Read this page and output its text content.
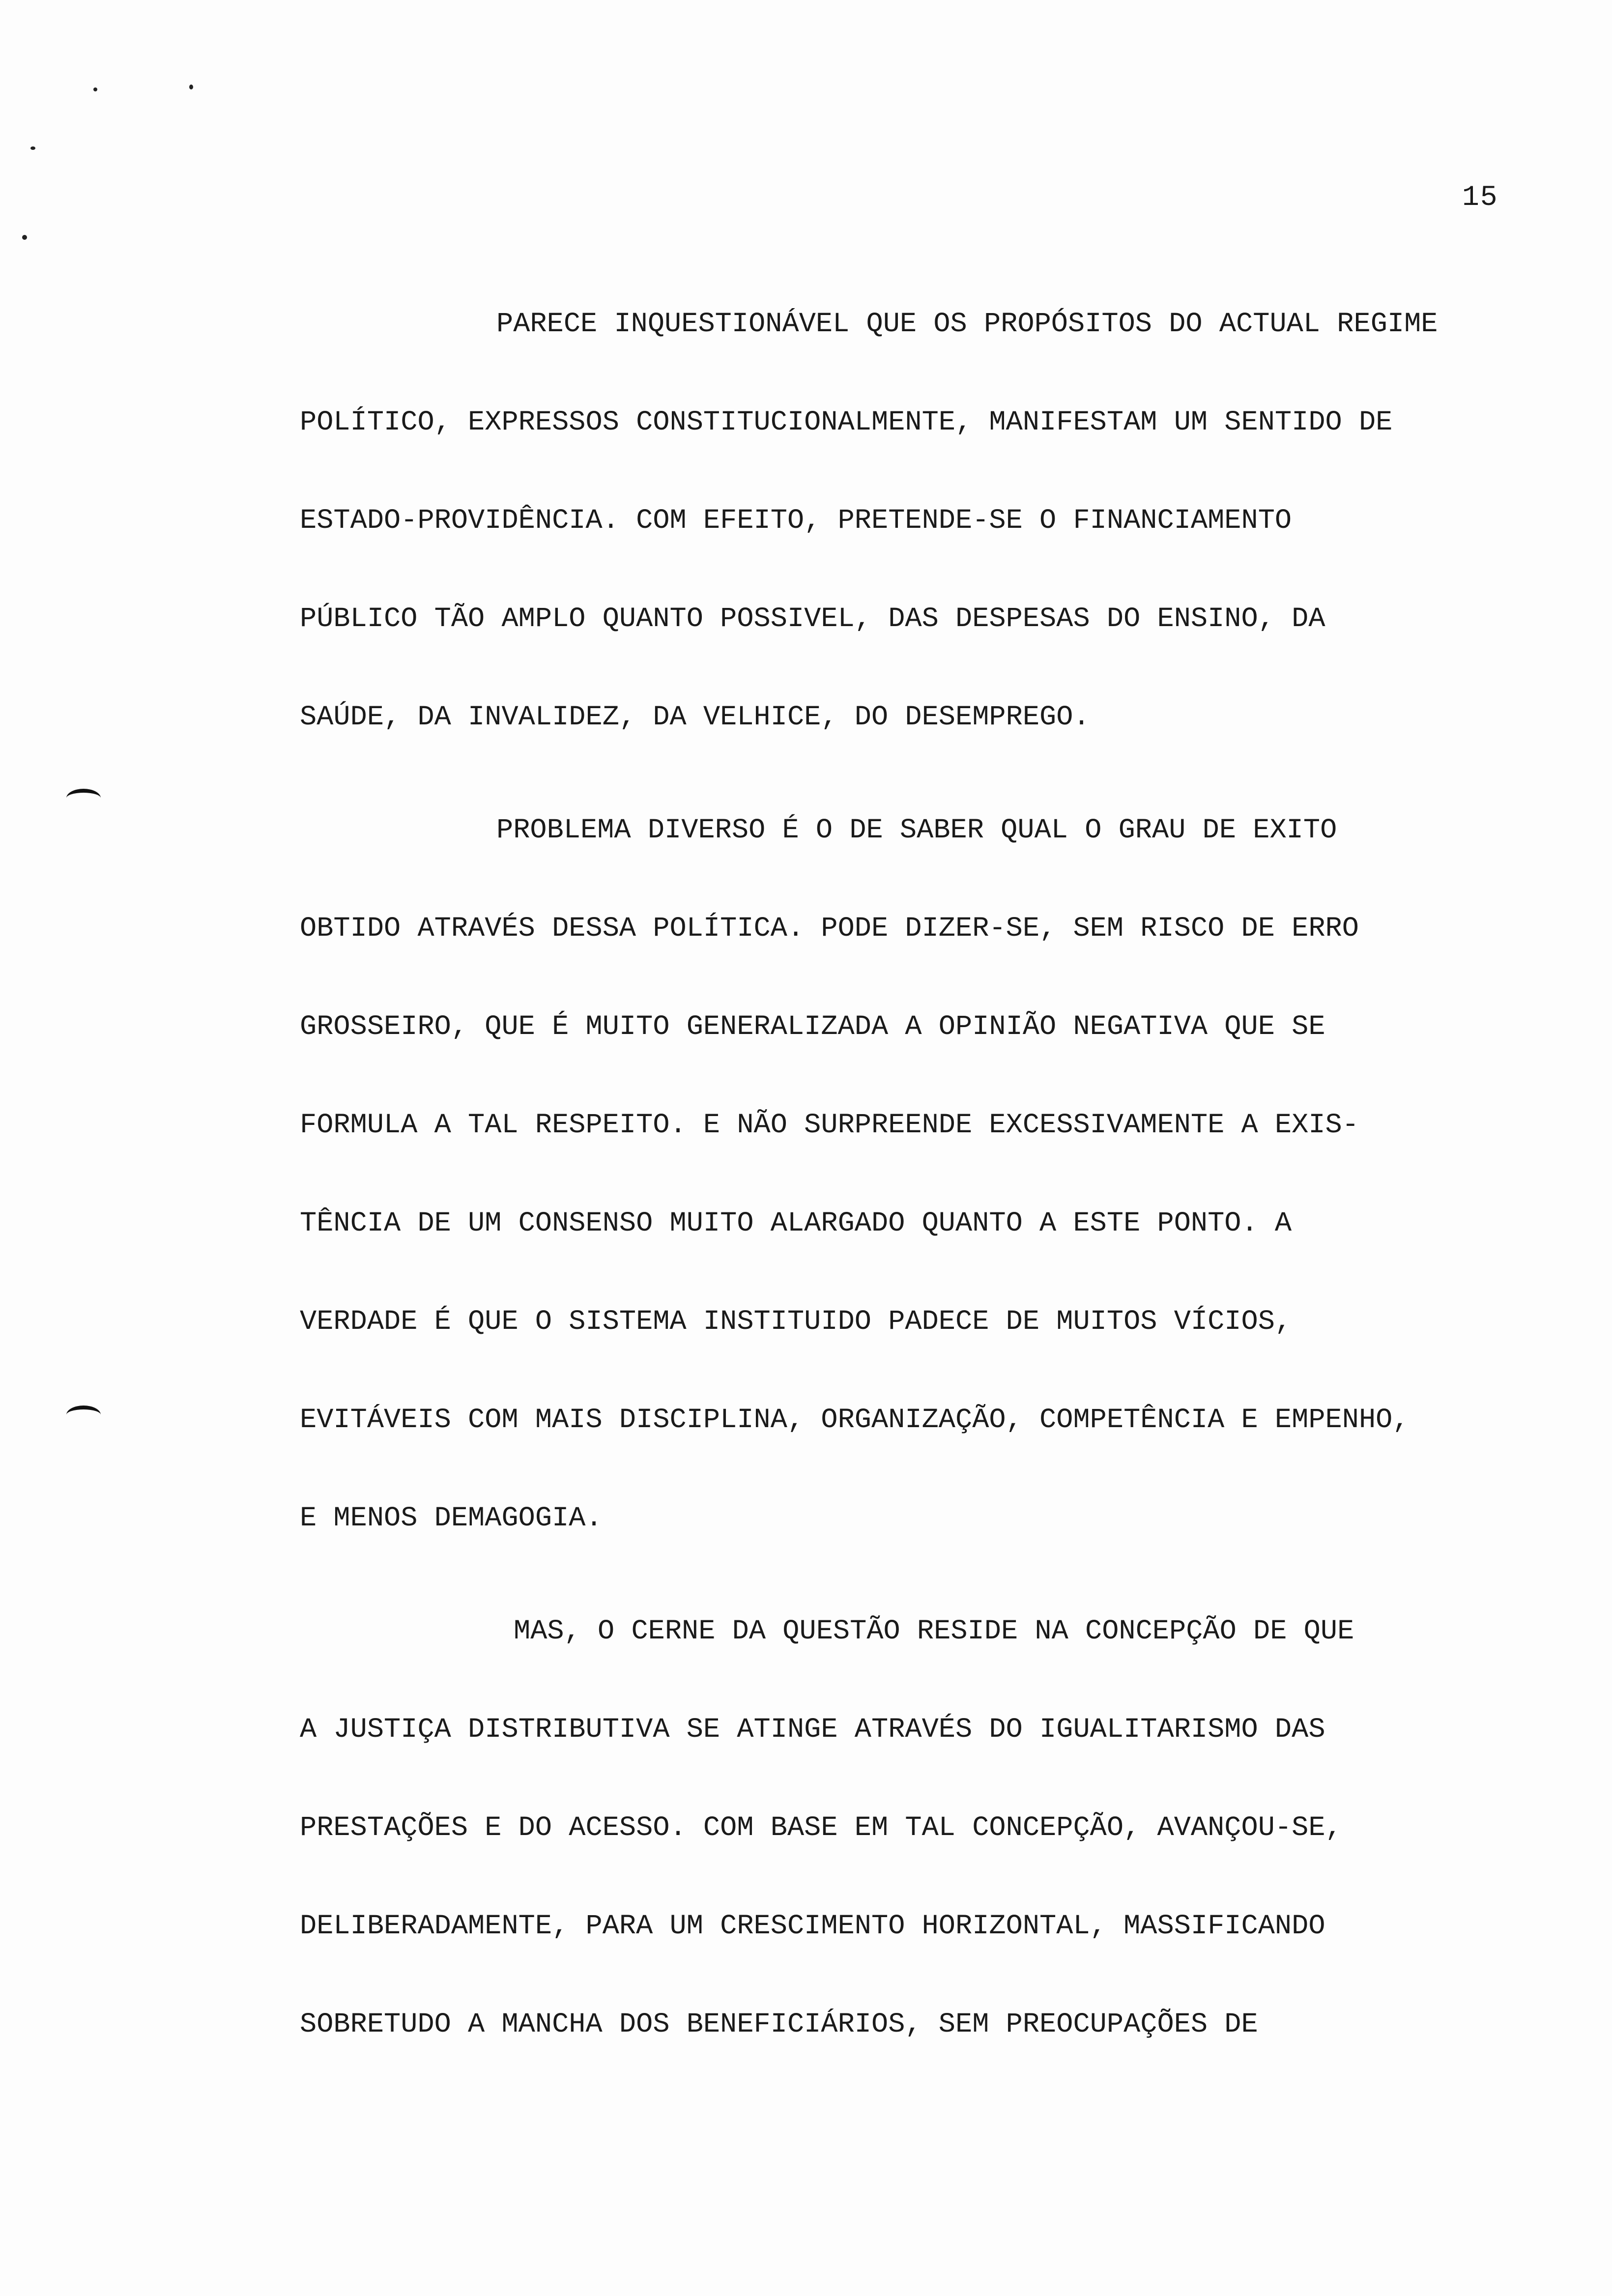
15
PARECE INQUESTIONÁVEL QUE OS PROPÓSITOS DO ACTUAL REGIME
POLÍTICO, EXPRESSOS CONSTITUCIONALMENTE, MANIFESTAM UM SENTIDO DE
ESTADO-PROVIDÊNCIA. COM EFEITO, PRETENDE-SE O FINANCIAMENTO
PÚBLICO TÃO AMPLO QUANTO POSSIVEL, DAS DESPESAS DO ENSINO, DA
SAÚDE, DA INVALIDEZ, DA VELHICE, DO DESEMPREGO.
PROBLEMA DIVERSO É O DE SABER QUAL O GRAU DE EXITO
OBTIDO ATRAVÉS DESSA POLÍTICA. PODE DIZER-SE, SEM RISCO DE ERRO
GROSSEIRO, QUE É MUITO GENERALIZADA A OPINIÃO NEGATIVA QUE SE
FORMULA A TAL RESPEITO. E NÃO SURPREENDE EXCESSIVAMENTE A EXIS-
TÊNCIA DE UM CONSENSO MUITO ALARGADO QUANTO A ESTE PONTO. A
VERDADE É QUE O SISTEMA INSTITUIDO PADECE DE MUITOS VÍCIOS,
EVITÁVEIS COM MAIS DISCIPLINA, ORGANIZAÇÃO, COMPETÊNCIA E EMPENHO,
E MENOS DEMAGOGIA.
MAS, O CERNE DA QUESTÃO RESIDE NA CONCEPÇÃO DE QUE
A JUSTIÇA DISTRIBUTIVA SE ATINGE ATRAVÉS DO IGUALITARISMO DAS
PRESTAÇÕES E DO ACESSO. COM BASE EM TAL CONCEPÇÃO, AVANÇOU-SE,
DELIBERADAMENTE, PARA UM CRESCIMENTO HORIZONTAL, MASSIFICANDO
SOBRETUDO A MANCHA DOS BENEFICIÁRIOS, SEM PREOCUPAÇÕES DE
